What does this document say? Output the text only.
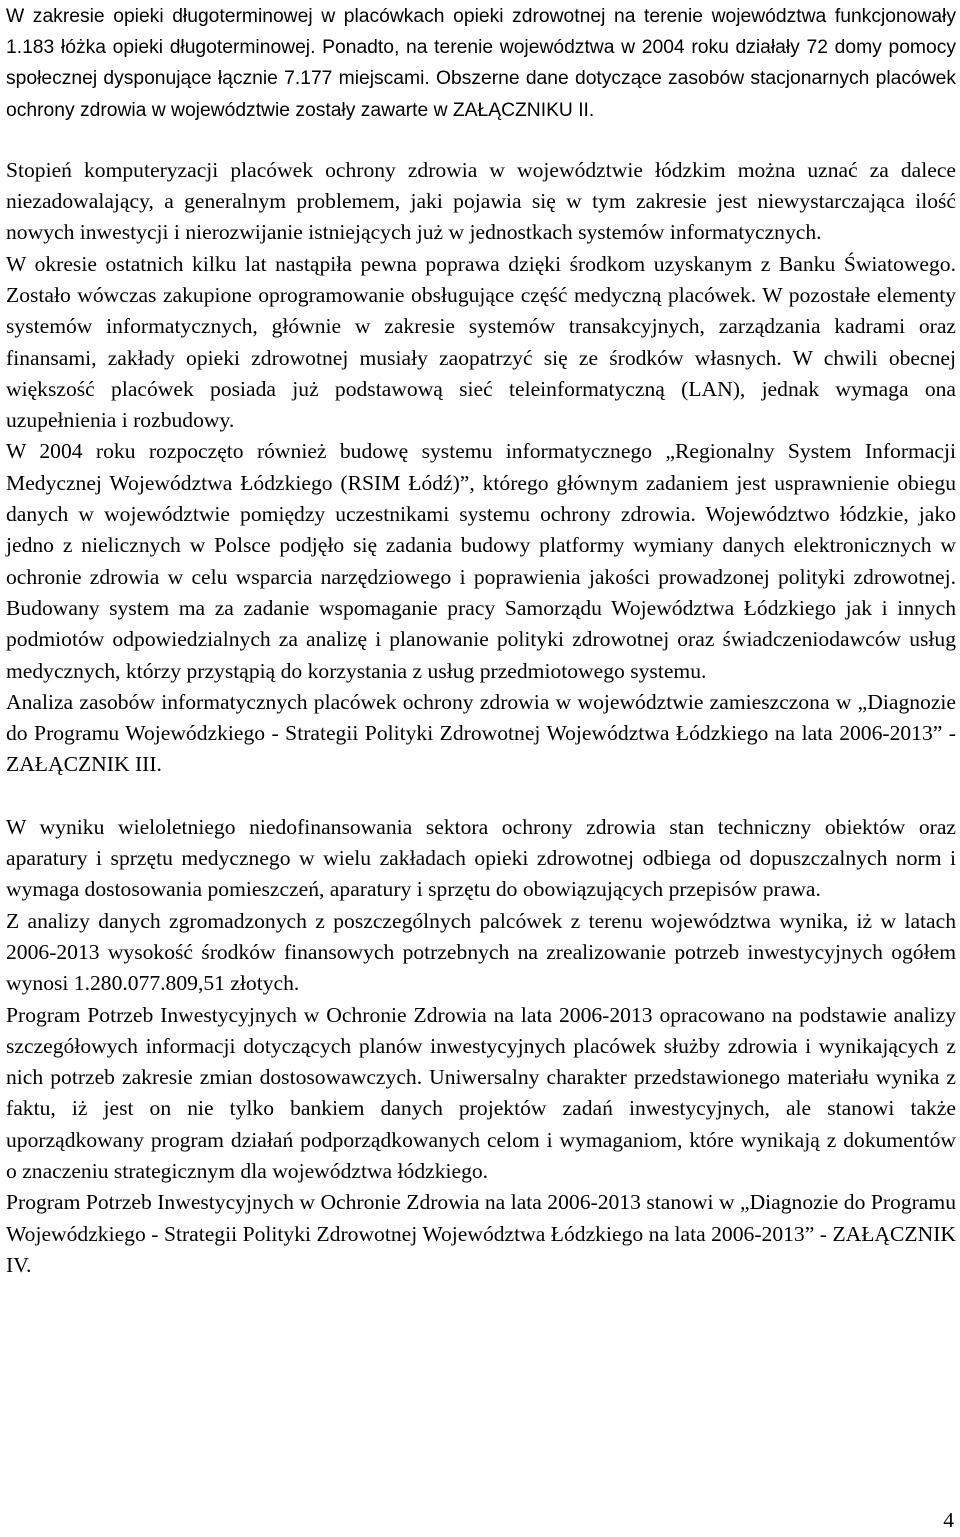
W zakresie opieki długoterminowej w placówkach opieki zdrowotnej na terenie województwa funkcjonowały 1.183 łóżka opieki długoterminowej. Ponadto, na terenie województwa w 2004 roku działały 72 domy pomocy społecznej dysponujące łącznie 7.177 miejscami. Obszerne dane dotyczące zasobów stacjonarnych placówek ochrony zdrowia w województwie zostały zawarte w ZAŁĄCZNIKU II.

Stopień komputeryzacji placówek ochrony zdrowia w województwie łódzkim można uznać za dalece niezadowalający, a generalnym problemem, jaki pojawia się w tym zakresie jest niewystarczająca ilość nowych inwestycji i nierozwijanie istniejących już w jednostkach systemów informatycznych.

W okresie ostatnich kilku lat nastąpiła pewna poprawa dzięki środkom uzyskanym z Banku Światowego. Zostało wówczas zakupione oprogramowanie obsługujące część medyczną placówek. W pozostałe elementy systemów informatycznych, głównie w zakresie systemów transakcyjnych, zarządzania kadrami oraz finansami, zakłady opieki zdrowotnej musiały zaopatrzyć się ze środków własnych. W chwili obecnej większość placówek posiada już podstawową sieć teleinformatyczną (LAN), jednak wymaga ona uzupełnienia i rozbudowy.

W 2004 roku rozpoczęto również budowę systemu informatycznego „Regionalny System Informacji Medycznej Województwa Łódzkiego (RSIM Łódź)”, którego głównym zadaniem jest usprawnienie obiegu danych w województwie pomiędzy uczestnikami systemu ochrony zdrowia. Województwo łódzkie, jako jedno z nielicznych w Polsce podjęło się zadania budowy platformy wymiany danych elektronicznych w ochronie zdrowia w celu wsparcia narzędziowego i poprawienia jakości prowadzonej polityki zdrowotnej. Budowany system ma za zadanie wspomaganie pracy Samorządu Województwa Łódzkiego jak i innych podmiotów odpowiedzialnych za analizę i planowanie polityki zdrowotnej oraz świadczeniodawców usług medycznych, którzy przystąpią do korzystania z usług przedmiotowego systemu.

Analiza zasobów informatycznych placówek ochrony zdrowia w województwie zamieszczona w „Diagnozie do Programu Wojewódzkiego - Strategii Polityki Zdrowotnej Województwa Łódzkiego na lata 2006-2013” - ZAŁĄCZNIK III.

W wyniku wieloletniego niedofinansowania sektora ochrony zdrowia stan techniczny obiektów oraz aparatury i sprzętu medycznego w wielu zakładach opieki zdrowotnej odbiega od dopuszczalnych norm i wymaga dostosowania pomieszczeń, aparatury i sprzętu do obowiązujących przepisów prawa.

Z analizy danych zgromadzonych z poszczególnych palcówek z terenu województwa wynika, iż w latach 2006-2013 wysokość środków finansowych potrzebnych na zrealizowanie potrzeb inwestycyjnych ogółem wynosi 1.280.077.809,51 złotych.

Program Potrzeb Inwestycyjnych w Ochronie Zdrowia na lata 2006-2013 opracowano na podstawie analizy szczegółowych informacji dotyczących planów inwestycyjnych placówek służby zdrowia i wynikających z nich potrzeb zakresie zmian dostosowawczych. Uniwersalny charakter przedstawionego materiału wynika z faktu, iż jest on nie tylko bankiem danych projektów zadań inwestycyjnych, ale stanowi także uporządkowany program działań podporządkowanych celom i wymaganiom, które wynikają z dokumentów o znaczeniu strategicznym dla województwa łódzkiego.

Program Potrzeb Inwestycyjnych w Ochronie Zdrowia na lata 2006-2013 stanowi w „Diagnozie do Programu Wojewódzkiego - Strategii Polityki Zdrowotnej Województwa Łódzkiego na lata 2006-2013” - ZAŁĄCZNIK IV.

4
